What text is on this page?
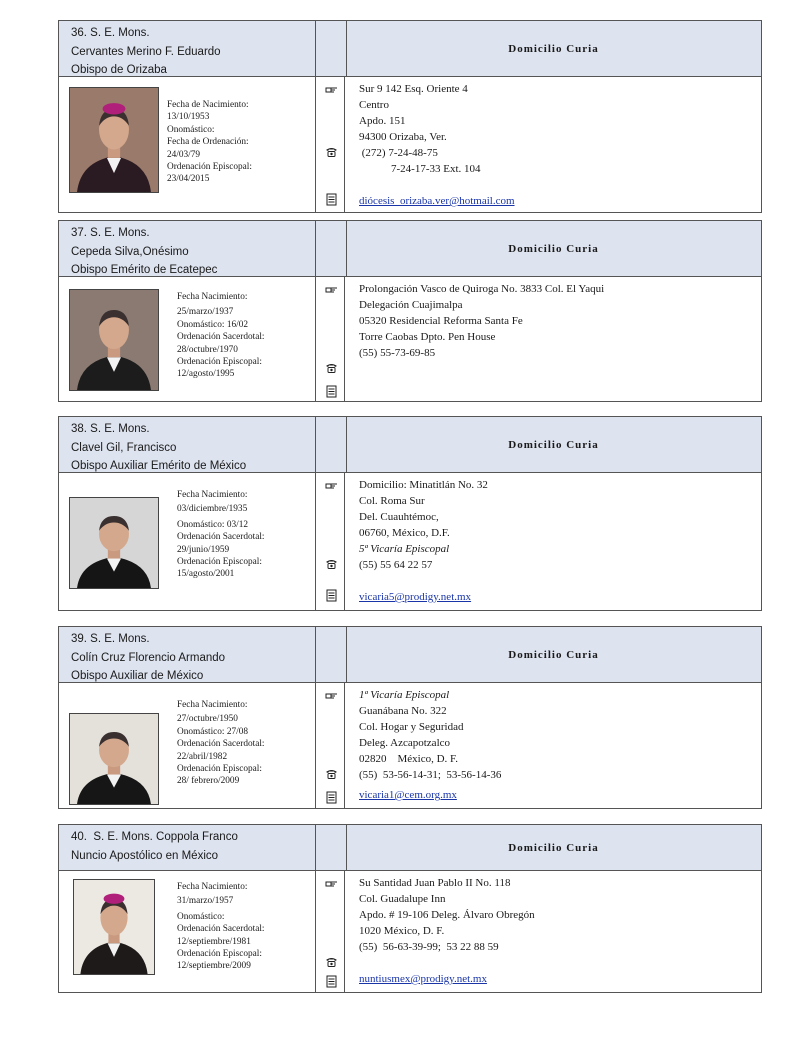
36. S. E. Mons.
Cervantes Merino F. Eduardo
Obispo de Orizaba
Domicilio Curia
Fecha de Nacimiento:
13/10/1953
Onomástico:
Fecha de Ordenación:
24/03/79
Ordenación Episcopal:
23/04/2015
Sur 9 142 Esq. Oriente 4
Centro
Apdo. 151
94300 Orizaba, Ver.
(272) 7-24-48-75
7-24-17-33 Ext. 104

diócesis_orizaba.ver@hotmail.com
37. S. E. Mons.
Cepeda Silva,Onésimo
Obispo Emérito de Ecatepec
Domicilio Curia
Fecha Nacimiento:
25/marzo/1937
Onomástico: 16/02
Ordenación Sacerdotal:
28/octubre/1970
Ordenación Episcopal:
12/agosto/1995
Prolongación Vasco de Quiroga No. 3833 Col. El Yaqui
Delegación Cuajimalpa
05320 Residencial Reforma Santa Fe
Torre Caobas Dpto. Pen House
(55) 55-73-69-85
38. S. E. Mons.
Clavel Gil, Francisco
Obispo Auxiliar Emérito de México
Domicilio Curia
Fecha Nacimiento:
03/diciembre/1935
Onomástico: 03/12
Ordenación Sacerdotal:
29/junio/1959
Ordenación Episcopal:
15/agosto/2001
Domicilio: Minatitlán No. 32
Col. Roma Sur
Del. Cuauhtémoc,
06760, México, D.F.
5ª Vicaría Episcopal
(55) 55 64 22 57

vicaria5@prodigy.net.mx
39. S. E. Mons.
Colín Cruz Florencio Armando
Obispo Auxiliar de México
Domicilio Curia
Fecha Nacimiento:
27/octubre/1950
Onomástico: 27/08
Ordenación Sacerdotal:
22/abril/1982
Ordenación Episcopal:
28/ febrero/2009
1ª Vicaría Episcopal
Guanábana No. 322
Col. Hogar y Seguridad
Deleg. Azcapotzalco
02820    México, D. F.
(55)  53-56-14-31;  53-56-14-36
vicaria1@cem.org.mx
40.  S. E. Mons. Coppola Franco
Nuncio Apostólico en México
Domicilio Curia
Fecha Nacimiento:
31/marzo/1957
Onomástico:
Ordenación Sacerdotal:
12/septiembre/1981
Ordenación Episcopal:
12/septiembre/2009
Su Santidad Juan Pablo II No. 118
Col. Guadalupe Inn
Apdo. # 19-106 Deleg. Álvaro Obregón
1020 México, D. F.
(55)  56-63-39-99;  53 22 88 59

nuntiusmex@prodigy.net.mx
